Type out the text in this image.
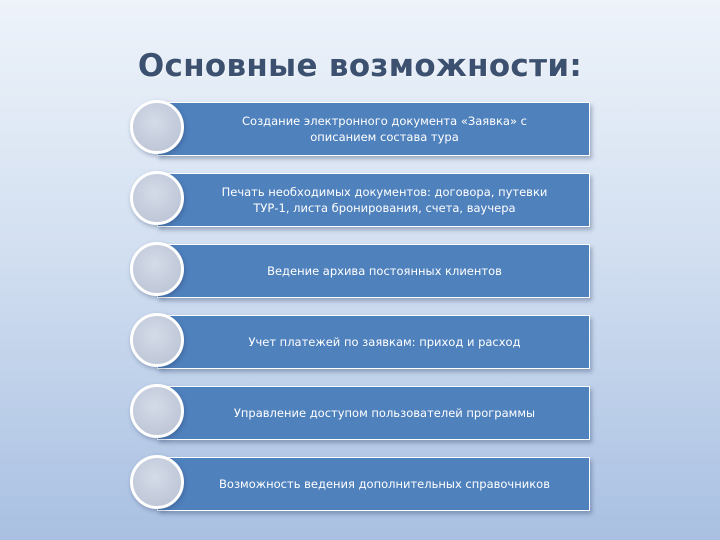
Основные возможности:
Создание электронного документа «Заявка» с описанием состава тура
Печать необходимых документов: договора, путевки ТУР-1, листа бронирования, счета, ваучера
Ведение архива постоянных клиентов
Учет платежей по заявкам: приход и расход
Управление доступом пользователей программы
Возможность ведения дополнительных справочников
